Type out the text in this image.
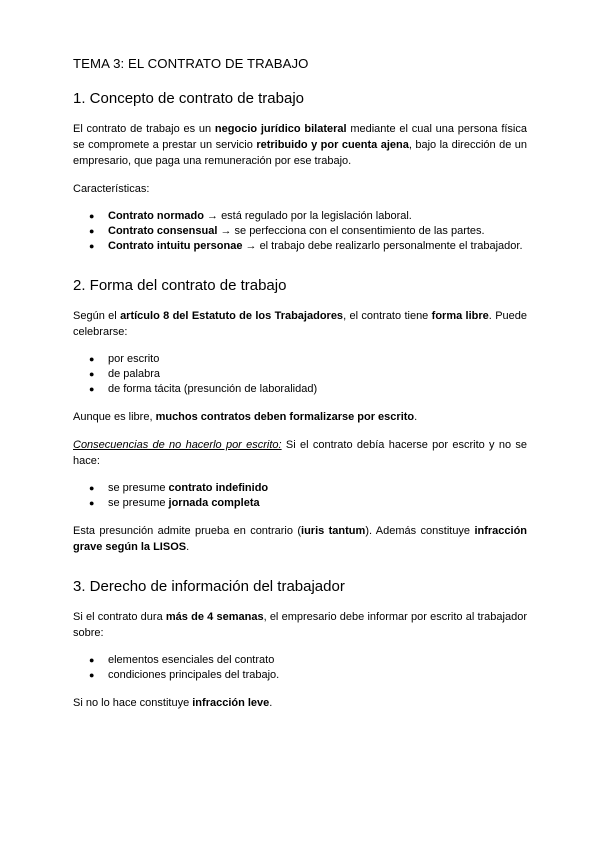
TEMA 3: EL CONTRATO DE TRABAJO
1. Concepto de contrato de trabajo

El contrato de trabajo es un negocio jurídico bilateral mediante el cual una persona física se compromete a prestar un servicio retribuido y por cuenta ajena, bajo la dirección de un empresario, que paga una remuneración por ese trabajo.

Características:

● Contrato normado → está regulado por la legislación laboral.
● Contrato consensual → se perfecciona con el consentimiento de las partes.
● Contrato intuitu personae → el trabajo debe realizarlo personalmente el trabajador.
2. Forma del contrato de trabajo

Según el artículo 8 del Estatuto de los Trabajadores, el contrato tiene forma libre. Puede celebrarse:

● por escrito
● de palabra
● de forma tácita (presunción de laboralidad)

Aunque es libre, muchos contratos deben formalizarse por escrito.

Consecuencias de no hacerlo por escrito: Si el contrato debía hacerse por escrito y no se hace:

● se presume contrato indefinido
● se presume jornada completa

Esta presunción admite prueba en contrario (iuris tantum). Además constituye infracción grave según la LISOS.

3. Derecho de información del trabajador

Si el contrato dura más de 4 semanas, el empresario debe informar por escrito al trabajador sobre:

● elementos esenciales del contrato
● condiciones principales del trabajo.

Si no lo hace constituye infracción leve.
